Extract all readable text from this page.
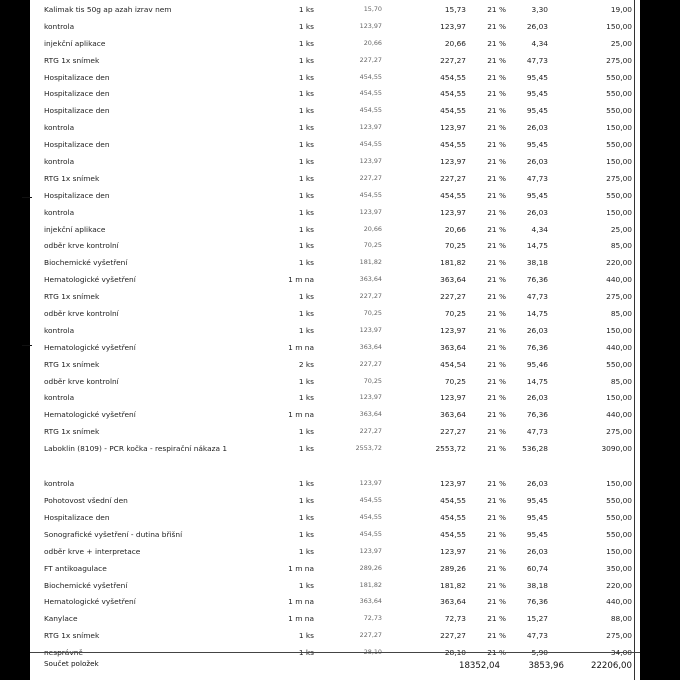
Kalimak tis 50g ap azah izrav nem	1 ks	15,70	15,73	21 %	3,30	19,00
kontrola	1 ks	123,97	123,97	21 %	26,03	150,00
injekční aplikace	1 ks	20,66	20,66	21 %	4,34	25,00
RTG 1x snímek	1 ks	227,27	227,27	21 %	47,73	275,00
Hospitalizace den	1 ks	454,55	454,55	21 %	95,45	550,00
Hospitalizace den	1 ks	454,55	454,55	21 %	95,45	550,00
Hospitalizace den	1 ks	454,55	454,55	21 %	95,45	550,00
kontrola	1 ks	123,97	123,97	21 %	26,03	150,00
Hospitalizace den	1 ks	454,55	454,55	21 %	95,45	550,00
kontrola	1 ks	123,97	123,97	21 %	26,03	150,00
RTG 1x snímek	1 ks	227,27	227,27	21 %	47,73	275,00
Hospitalizace den	1 ks	454,55	454,55	21 %	95,45	550,00
kontrola	1 ks	123,97	123,97	21 %	26,03	150,00
injekční aplikace	1 ks	20,66	20,66	21 %	4,34	25,00
odběr krve kontrolní	1 ks	70,25	70,25	21 %	14,75	85,00
Biochemické vyšetření	1 ks	181,82	181,82	21 %	38,18	220,00
Hematologické vyšetření	1 m na	363,64	363,64	21 %	76,36	440,00
RTG 1x snímek	1 ks	227,27	227,27	21 %	47,73	275,00
odběr krve kontrolní	1 ks	70,25	70,25	21 %	14,75	85,00
kontrola	1 ks	123,97	123,97	21 %	26,03	150,00
Hematologické vyšetření	1 m na	363,64	363,64	21 %	76,36	440,00
RTG 1x snímek	2 ks	227,27	454,54	21 %	95,46	550,00
odběr krve kontrolní	1 ks	70,25	70,25	21 %	14,75	85,00
kontrola	1 ks	123,97	123,97	21 %	26,03	150,00
Hematologické vyšetření	1 m na	363,64	363,64	21 %	76,36	440,00
RTG 1x snímek	1 ks	227,27	227,27	21 %	47,73	275,00
Laboklin (8109) - PCR kočka - respirační nákaza 1	1 ks	2553,72	2553,72	21 % 536,28	3090,00
kontrola	1 ks	123,97	123,97	21 %	26,03	150,00
Pohotovost všední den	1 ks	454,55	454,55	21 %	95,45	550,00
Hospitalizace den	1 ks	454,55	454,55	21 %	95,45	550,00
Sonografické vyšetření - dutina břišní	1 ks	454,55	454,55	21 %	95,45	550,00
odběr krve + interpretace	1 ks	123,97	123,97	21 %	26,03	150,00
FT antikoagulace	1 m na	289,26	289,26	21 %	60,74	350,00
Biochemické vyšetření	1 ks	181,82	181,82	21 %	38,18	220,00
Hematologické vyšetření	1 m na	363,64	363,64	21 %	76,36	440,00
Kanylace	1 m na	72,73	72,73	21 %	15,27	88,00
RTG 1x snímek	1 ks	227,27	227,27	21 %	47,73	275,00
nesprávně	1 ks	28,10	28,10	21 %	5,90	34,00
Součet položek	18352,04	3853,96	22206,00
